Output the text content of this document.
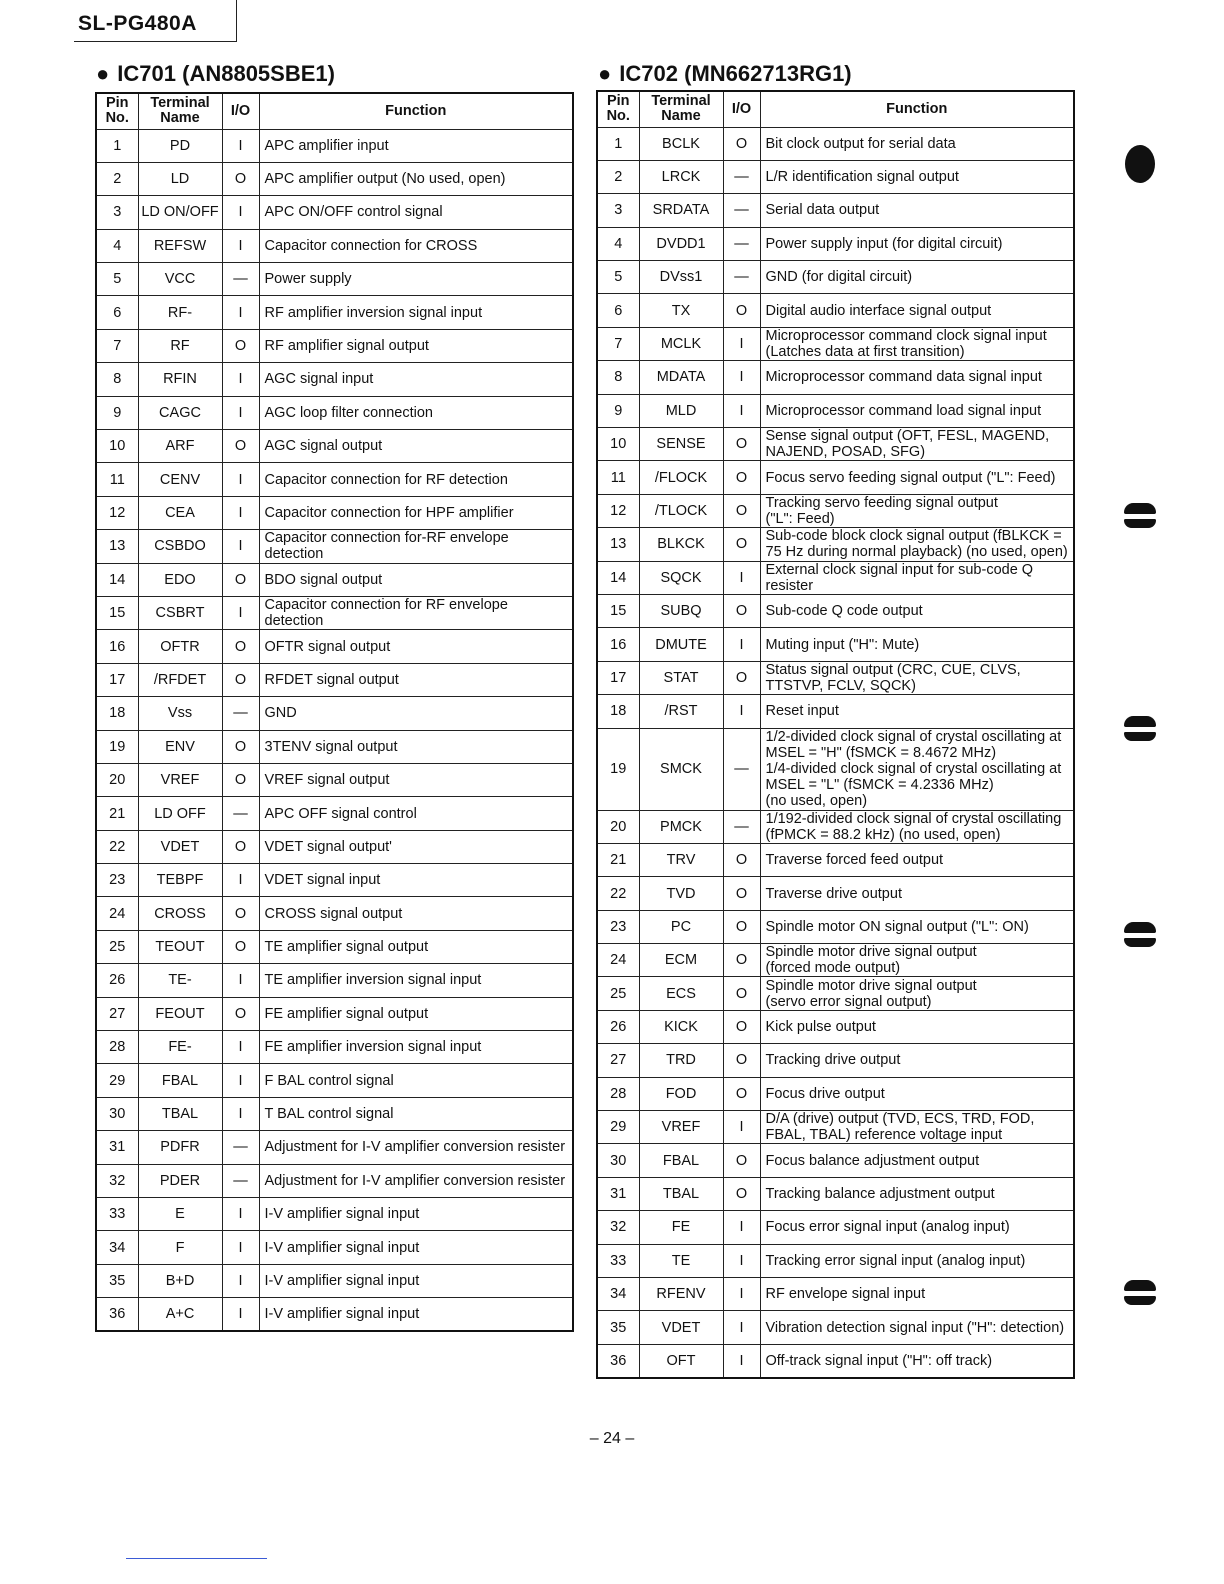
SL-PG480A
● IC701 (AN8805SBE1)	● IC702 (MN662713RG1)
Pin
No.	Terminal
Name	I/O	Function
1	PD	I	APC amplifier input

2	LD	O	APC amplifier output (No used, open)

3	LD ON/OFF	I	APC ON/OFF control signal

4	REFSW	I	Capacitor connection for CROSS

5	VCC	—	Power supply

6	RF-	I	RF amplifier inversion signal input

7	RF	O	RF amplifier signal output

8	RFIN	I	AGC signal input

9	CAGC	I	AGC loop filter connection

10	ARF	O	AGC signal output

11	CENV	I	Capacitor connection for RF detection

12	CEA	I	Capacitor connection for HPF amplifier

13	CSBDO	I	Capacitor connection for-RF envelope
detection

14	EDO	O	BDO signal output

15	CSBRT	I	Capacitor connection for RF envelope
detection

16	OFTR	O	OFTR signal output

17	/RFDET	O	RFDET signal output

18	Vss	—	GND

19	ENV	O	3TENV signal output

20	VREF	O	VREF signal output

21	LD OFF	—	APC OFF signal control

22	VDET	O	VDET signal output'

23	TEBPF	I	VDET signal input

24	CROSS	O	CROSS signal output

25	TEOUT	O	TE amplifier signal output

26	TE-	I	TE amplifier inversion signal input

27	FEOUT	O	FE amplifier signal output

28	FE-	I	FE amplifier inversion signal input

29	FBAL	I	F BAL control signal

30	TBAL	I	T BAL control signal

31	PDFR	—	Adjustment for I-V amplifier conversion resister

32	PDER	—	Adjustment for I-V amplifier conversion resister

33	E	I	I-V amplifier signal input

34	F	I	I-V amplifier signal input

35	B+D	I	I-V amplifier signal input

36	A+C	I	I-V amplifier signal input
Pin
No.	Terminal
Name	I/O	Function
1	BCLK	O	Bit clock output for serial data

2	LRCK	—	L/R identification signal output

3	SRDATA	—	Serial data output

4	DVDD1	—	Power supply input (for digital circuit)

5	DVss1	—	GND (for digital circuit)

6	TX	O	Digital audio interface signal output

7	MCLK	I	Microprocessor command clock signal input
(Latches data at first transition)

8	MDATA	I	Microprocessor command data signal input

9	MLD	I	Microprocessor command load signal input

10	SENSE	O	Sense signal output (OFT, FESL, MAGEND,
NAJEND, POSAD, SFG)

11	/FLOCK	O	Focus servo feeding signal output ("L": Feed)

12	/TLOCK	O	Tracking servo feeding signal output
("L": Feed)

13	BLKCK	O	Sub-code block clock signal output (fBLKCK =
75 Hz during normal playback) (no used, open)

14	SQCK	I	External clock signal input for sub-code Q
resister

15	SUBQ	O	Sub-code Q code output

16	DMUTE	I	Muting input ("H": Mute)

17	STAT	O	Status signal output (CRC, CUE, CLVS,
TTSTVP, FCLV, SQCK)

18	/RST	I	Reset input

19	SMCK	—	1/2-divided clock signal of crystal oscillating at
MSEL = "H" (fSMCK = 8.4672 MHz)
1/4-divided clock signal of crystal oscillating at
MSEL = "L" (fSMCK = 4.2336 MHz)
(no used, open)

20	PMCK	—	1/192-divided clock signal of crystal oscillating
(fPMCK = 88.2 kHz) (no used, open)

21	TRV	O	Traverse forced feed output

22	TVD	O	Traverse drive output

23	PC	O	Spindle motor ON signal output ("L": ON)

24	ECM	O	Spindle motor drive signal output
(forced mode output)

25	ECS	O	Spindle motor drive signal output
(servo error signal output)

26	KICK	O	Kick pulse output

27	TRD	O	Tracking drive output

28	FOD	O	Focus drive output

29	VREF	I	D/A (drive) output (TVD, ECS, TRD, FOD,
FBAL, TBAL) reference voltage input

30	FBAL	O	Focus balance adjustment output

31	TBAL	O	Tracking balance adjustment output

32	FE	I	Focus error signal input (analog input)

33	TE	I	Tracking error signal input (analog input)

34	RFENV	I	RF envelope signal input

35	VDET	I	Vibration detection signal input ("H": detection)

36	OFT	I	Off-track signal input ("H": off track)
– 24 –
